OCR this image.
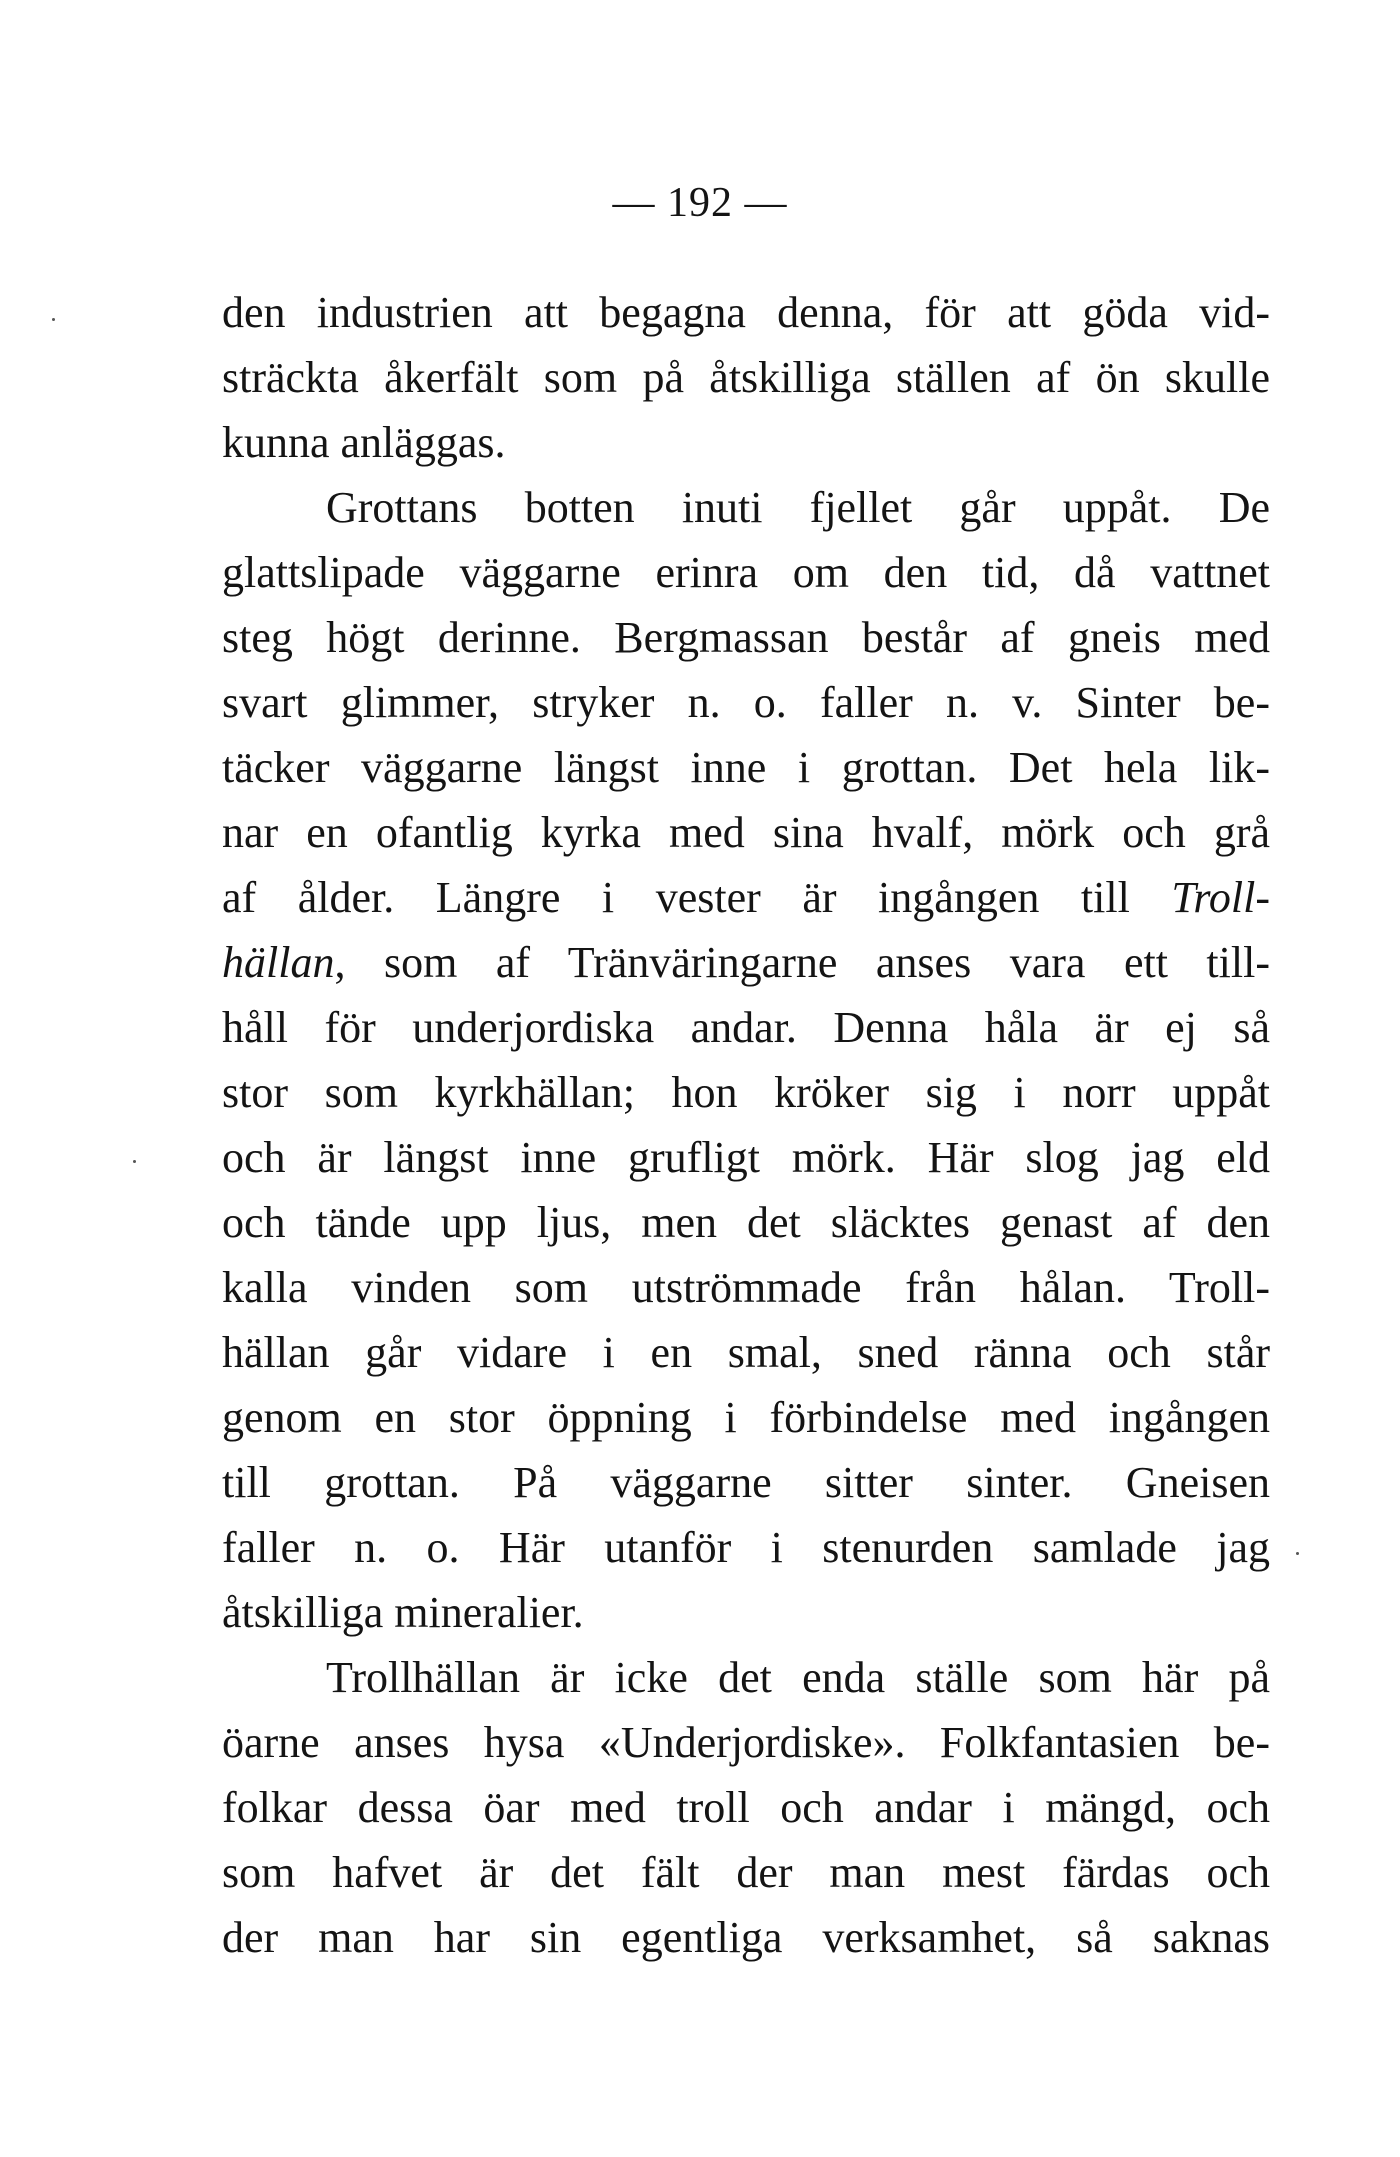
— 192 —
den industrien att begagna denna, för att göda vid-
sträckta åkerfält som på åtskilliga ställen af ön skulle
kunna anläggas.
Grottans botten inuti fjellet går uppåt. De
glattslipade väggarne erinra om den tid, då vattnet
steg högt derinne. Bergmassan består af gneis med
svart glimmer, stryker n. o. faller n. v. Sinter be-
täcker väggarne längst inne i grottan. Det hela lik-
nar en ofantlig kyrka med sina hvalf, mörk och grå
af ålder. Längre i vester är ingången till Troll-
hällan, som af Tränväringarne anses vara ett till-
håll för underjordiska andar. Denna håla är ej så
stor som kyrkhällan; hon kröker sig i norr uppåt
och är längst inne grufligt mörk. Här slog jag eld
och tände upp ljus, men det släcktes genast af den
kalla vinden som utströmmade från hålan. Troll-
hällan går vidare i en smal, sned ränna och står
genom en stor öppning i förbindelse med ingången
till grottan. På väggarne sitter sinter. Gneisen
faller n. o. Här utanför i stenurden samlade jag
åtskilliga mineralier.
Trollhällan är icke det enda ställe som här på
öarne anses hysa «Underjordiske». Folkfantasien be-
folkar dessa öar med troll och andar i mängd, och
som hafvet är det fält der man mest färdas och
der man har sin egentliga verksamhet, så saknas
